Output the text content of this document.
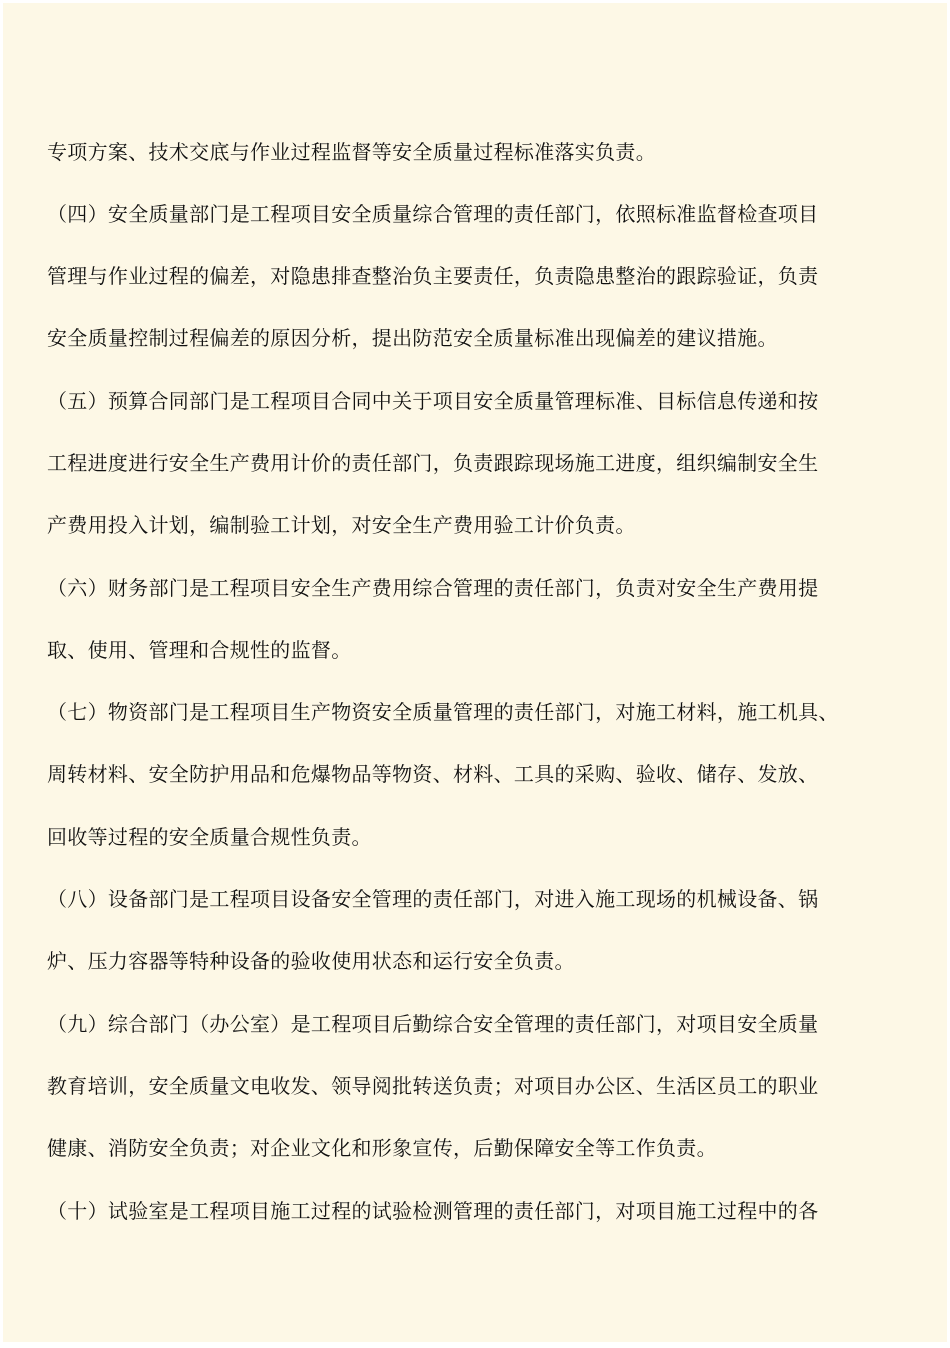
专项方案、技术交底与作业过程监督等安全质量过程标准落实负责。

（四）安全质量部门是工程项目安全质量综合管理的责任部门，依照标准监督检查项目

管理与作业过程的偏差，对隐患排查整治负主要责任，负责隐患整治的跟踪验证，负责

安全质量控制过程偏差的原因分析，提出防范安全质量标准出现偏差的建议措施。

（五）预算合同部门是工程项目合同中关于项目安全质量管理标准、目标信息传递和按

工程进度进行安全生产费用计价的责任部门，负责跟踪现场施工进度，组织编制安全生

产费用投入计划，编制验工计划，对安全生产费用验工计价负责。

（六）财务部门是工程项目安全生产费用综合管理的责任部门，负责对安全生产费用提

取、使用、管理和合规性的监督。

（七）物资部门是工程项目生产物资安全质量管理的责任部门，对施工材料，施工机具、

周转材料、安全防护用品和危爆物品等物资、材料、工具的采购、验收、储存、发放、

回收等过程的安全质量合规性负责。

（八）设备部门是工程项目设备安全管理的责任部门，对进入施工现场的机械设备、锅

炉、压力容器等特种设备的验收使用状态和运行安全负责。

（九）综合部门（办公室）是工程项目后勤综合安全管理的责任部门，对项目安全质量

教育培训，安全质量文电收发、领导阅批转送负责；对项目办公区、生活区员工的职业

健康、消防安全负责；对企业文化和形象宣传，后勤保障安全等工作负责。

（十）试验室是工程项目施工过程的试验检测管理的责任部门，对项目施工过程中的各
